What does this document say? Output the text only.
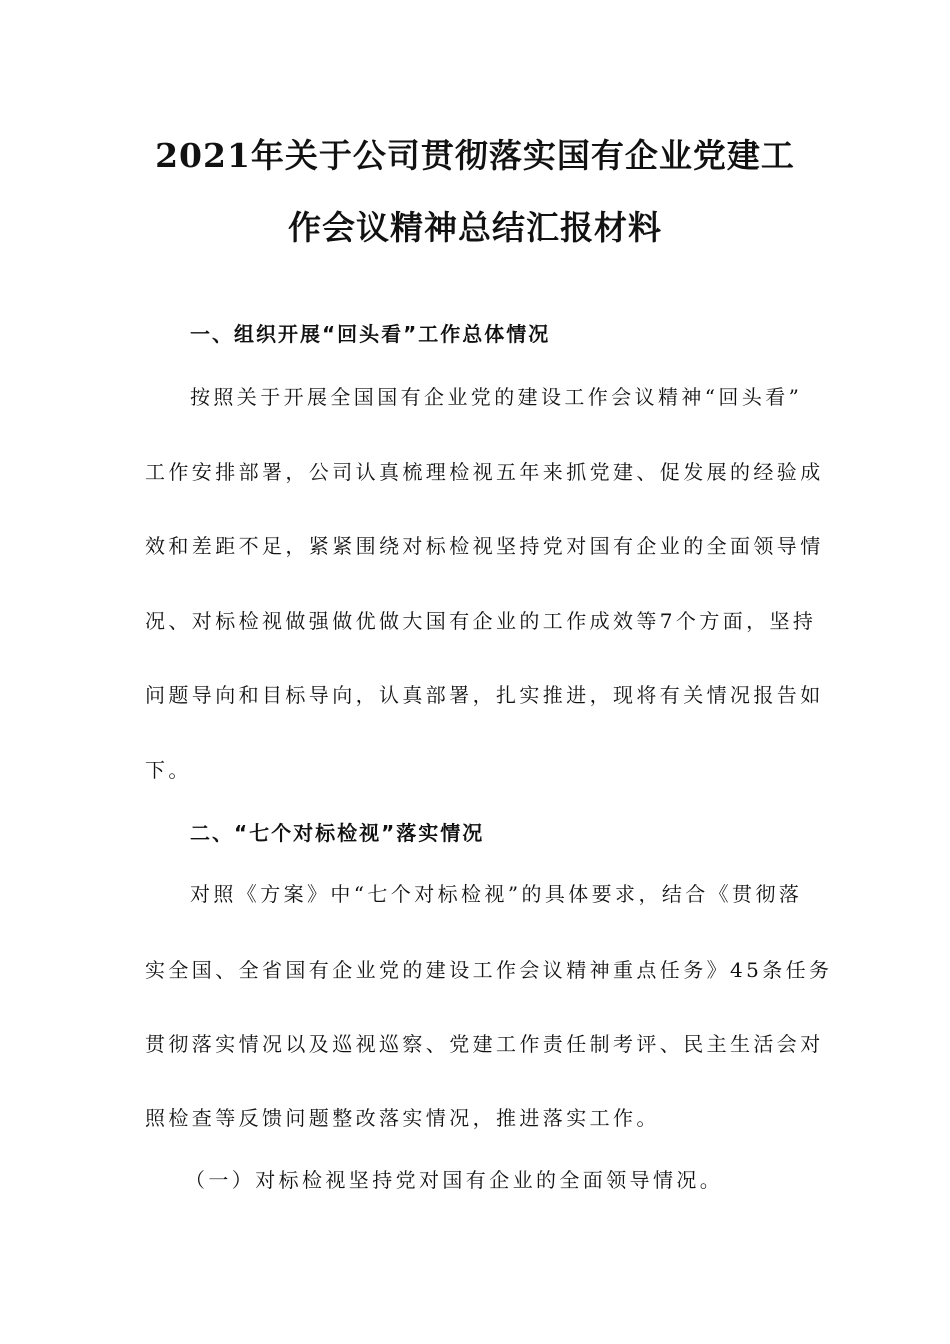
2021年关于公司贯彻落实国有企业党建工
作会议精神总结汇报材料
一、组织开展“回头看”工作总体情况
按照关于开展全国国有企业党的建设工作会议精神“回头看”
工作安排部署，公司认真梳理检视五年来抓党建、促发展的经验成
效和差距不足，紧紧围绕对标检视坚持党对国有企业的全面领导情
况、对标检视做强做优做大国有企业的工作成效等7个方面，坚持
问题导向和目标导向，认真部署，扎实推进，现将有关情况报告如
下。
二、“七个对标检视”落实情况
对照《方案》中“七个对标检视”的具体要求，结合《贯彻落
实全国、全省国有企业党的建设工作会议精神重点任务》45条任务
贯彻落实情况以及巡视巡察、党建工作责任制考评、民主生活会对
照检查等反馈问题整改落实情况，推进落实工作。
（一）对标检视坚持党对国有企业的全面领导情况。
